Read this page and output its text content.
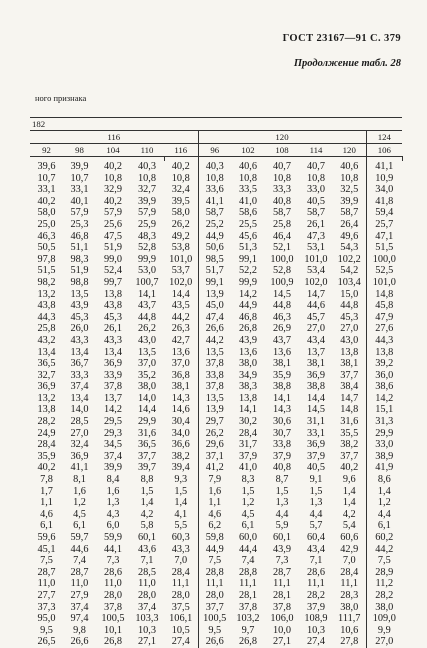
ГОСТ 23167—91 С. 379
Продолжение табл. 28
ного признака
182											
116					120					124	
92	98	104	110	116	96	102	108	114	120	106	

39,6	39,9	40,2	40,3	40,2	40,3	40,6	40,7	40,7	40,6	41,1	
10,7	10,7	10,8	10,8	10,8	10,8	10,8	10,8	10,8	10,8	10,9	
33,1	33,1	32,9	32,7	32,4	33,6	33,5	33,3	33,0	32,5	34,0	
40,2	40,1	40,2	39,9	39,5	41,1	41,0	40,8	40,5	39,9	41,8	
58,0	57,9	57,9	57,9	58,0	58,7	58,6	58,7	58,7	58,7	59,4	
25,0	25,3	25,6	25,9	26,2	25,2	25,5	25,8	26,1	26,4	25,7	
46,3	46,8	47,5	48,3	49,2	44,9	45,6	46,4	47,3	49,6	47,1	
50,5	51,1	51,9	52,8	53,8	50,6	51,3	52,1	53,1	54,3	51,5	
97,8	98,3	99,0	99,9	101,0	98,5	99,1	100,0	101,0	102,2	100,0	
51,5	51,9	52,4	53,0	53,7	51,7	52,2	52,8	53,4	54,2	52,5	
98,2	98,8	99,7	100,7	102,0	99,1	99,9	100,9	102,0	103,4	101,0	
13,2	13,5	13,8	14,1	14,4	13,9	14,2	14,5	14,7	15,0	14,8	
43,8	43,9	43,8	43,7	43,5	45,0	44,9	44,8	44,6	44,8	45,8	
44,3	45,3	45,3	44,8	44,2	47,4	46,8	46,3	45,7	45,3	47,9	
25,8	26,0	26,1	26,2	26,3	26,6	26,8	26,9	27,0	27,0	27,6	
43,2	43,3	43,3	43,0	42,7	44,2	43,9	43,7	43,4	43,0	44,3	
13,4	13,4	13,4	13,5	13,6	13,5	13,6	13,6	13,7	13,8	13,8	
36,5	36,7	36,9	37,0	37,0	37,8	38,0	38,1	38,1	38,1	39,2	
32,7	33,3	33,9	35,2	36,8	33,8	34,9	35,9	36,9	37,7	36,0	
36,9	37,4	37,8	38,0	38,1	37,8	38,3	38,8	38,8	38,4	38,6	
13,2	13,4	13,7	14,0	14,3	13,5	13,8	14,1	14,4	14,7	14,2	
13,8	14,0	14,2	14,4	14,6	13,9	14,1	14,3	14,5	14,8	15,1	
28,2	28,5	29,5	29,9	30,4	29,7	30,2	30,6	31,1	31,6	31,3	
24,9	27,0	29,3	31,6	34,0	26,2	28,4	30,7	33,1	35,5	29,9	
28,4	32,4	34,5	36,5	36,6	29,6	31,7	33,8	36,9	38,2	33,0	
35,9	36,9	37,4	37,7	38,2	37,1	37,9	37,9	37,9	37,7	38,9	
40,2	41,1	39,9	39,7	39,4	41,2	41,0	40,8	40,5	40,2	41,9	
7,8	8,1	8,4	8,8	9,3	7,9	8,3	8,7	9,1	9,6	8,6	
1,7	1,6	1,6	1,5	1,5	1,6	1,5	1,5	1,5	1,4	1,4	
1,1	1,2	1,3	1,4	1,4	1,1	1,2	1,3	1,3	1,4	1,2	
4,6	4,5	4,3	4,2	4,1	4,6	4,5	4,4	4,4	4,2	4,4	
6,1	6,1	6,0	5,8	5,5	6,2	6,1	5,9	5,7	5,4	6,1	
59,6	59,7	59,9	60,1	60,3	59,8	60,0	60,1	60,4	60,6	60,2	
45,1	44,6	44,1	43,6	43,3	44,9	44,4	43,9	43,4	42,9	44,2	
7,5	7,4	7,3	7,1	7,0	7,5	7,4	7,3	7,1	7,0	7,5	
28,7	28,7	28,6	28,5	28,4	28,8	28,8	28,7	28,6	28,4	28,9	
11,0	11,0	11,0	11,0	11,1	11,1	11,1	11,1	11,1	11,1	11,2	
27,7	27,9	28,0	28,0	28,0	28,0	28,1	28,1	28,2	28,3	28,2	
37,3	37,4	37,8	37,4	37,5	37,7	37,8	37,8	37,9	38,0	38,0	
95,0	97,4	100,5	103,3	106,1	100,5	103,2	106,0	108,9	111,7	109,0	
9,5	9,8	10,1	10,3	10,5	9,5	9,7	10,0	10,3	10,6	9,9	
26,5	26,6	26,8	27,1	27,4	26,6	26,8	27,1	27,4	27,8	27,0	
